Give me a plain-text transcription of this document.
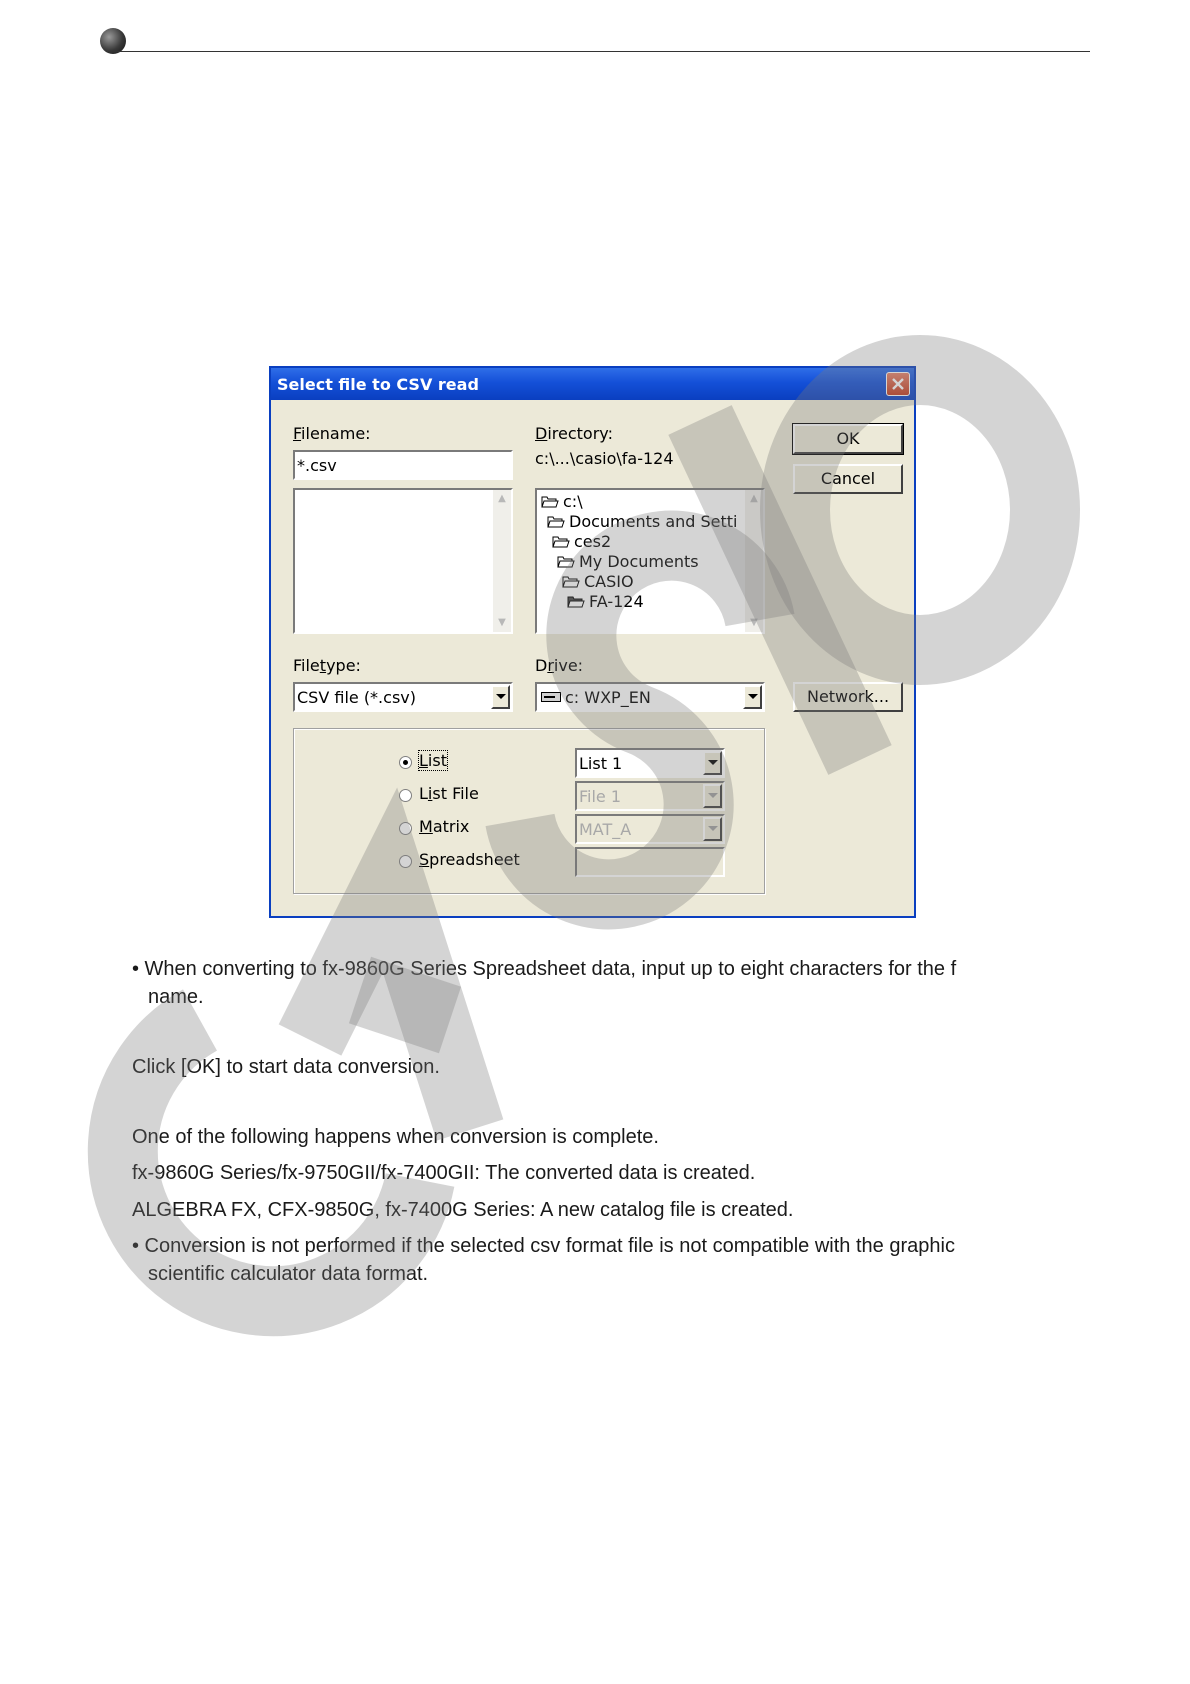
Select file to CSV read
Filename:
*.csv
▲
▼
Directory:
c:\...\casio\fa-124
c:\
Documents and Setti
ces2
My Documents
CASIO
FA-124
▲
▼
OK
Cancel
Filetype:
CSV file (*.csv)
Drive:
c: WXP_EN	Network...
List
List File
Matrix
Spreadsheet
List 1
File 1
MAT_A
• When converting to fx-9860G Series Spreadsheet data, input up to eight characters for the f
name.
Click [OK] to start data conversion.
One of the following happens when conversion is complete.
fx-9860G Series/fx-9750GII/fx-7400GII: The converted data is created.
ALGEBRA FX, CFX-9850G, fx-7400G Series: A new catalog file is created.
• Conversion is not performed if the selected csv format file is not compatible with the graphic
scientific calculator data format.
